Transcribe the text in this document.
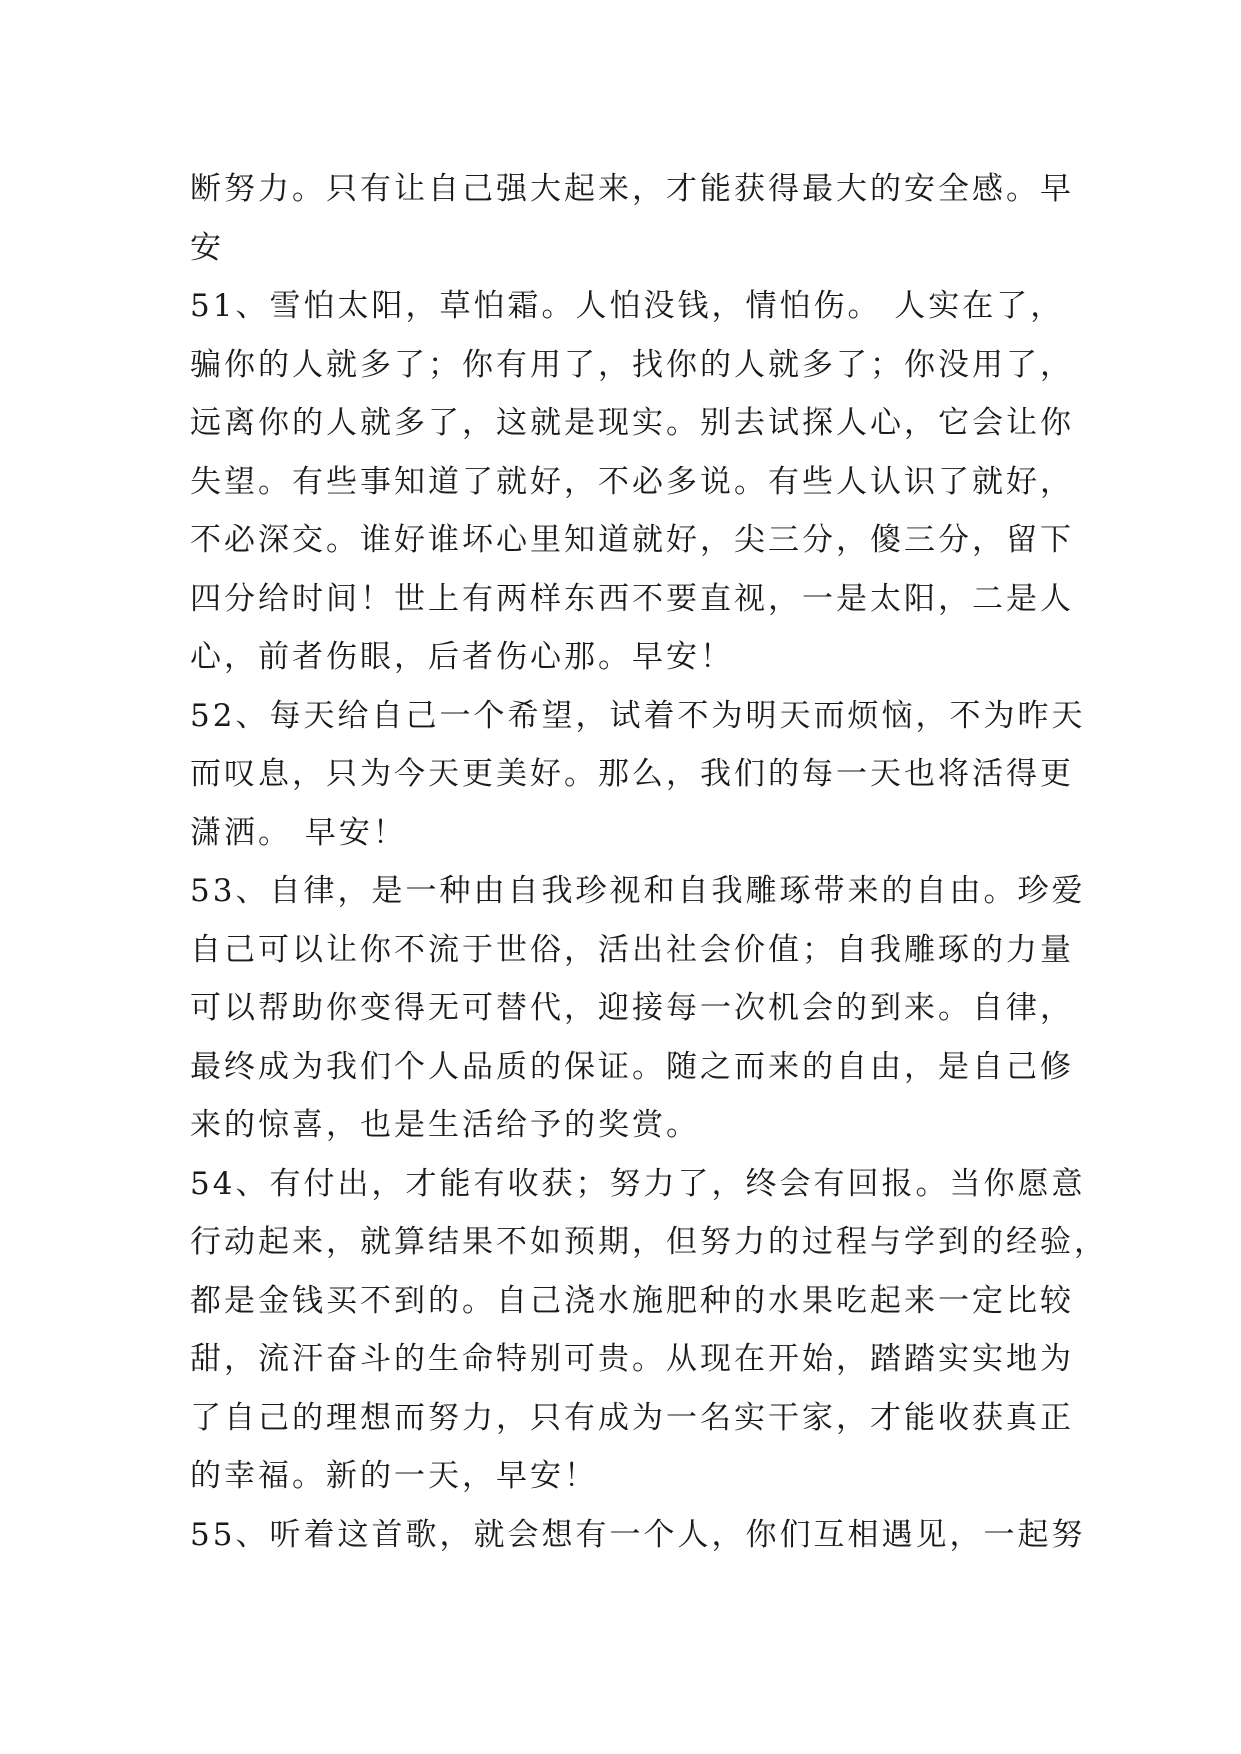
断努力。只有让自己强大起来，才能获得最大的安全感。早
安
51、雪怕太阳，草怕霜。人怕没钱，情怕伤。 人实在了，
骗你的人就多了；你有用了，找你的人就多了；你没用了，
远离你的人就多了，这就是现实。别去试探人心，它会让你
失望。有些事知道了就好，不必多说。有些人认识了就好，
不必深交。谁好谁坏心里知道就好，尖三分，傻三分，留下
四分给时间！世上有两样东西不要直视，一是太阳，二是人
心，前者伤眼，后者伤心那。早安！
52、每天给自己一个希望，试着不为明天而烦恼，不为昨天
而叹息，只为今天更美好。那么，我们的每一天也将活得更
潇洒。 早安！
53、自律，是一种由自我珍视和自我雕琢带来的自由。珍爱
自己可以让你不流于世俗，活出社会价值；自我雕琢的力量
可以帮助你变得无可替代，迎接每一次机会的到来。自律，
最终成为我们个人品质的保证。随之而来的自由，是自己修
来的惊喜，也是生活给予的奖赏。
54、有付出，才能有收获；努力了，终会有回报。当你愿意
行动起来，就算结果不如预期，但努力的过程与学到的经验，
都是金钱买不到的。自己浇水施肥种的水果吃起来一定比较
甜，流汗奋斗的生命特别可贵。从现在开始，踏踏实实地为
了自己的理想而努力，只有成为一名实干家，才能收获真正
的幸福。新的一天，早安！
55、听着这首歌，就会想有一个人，你们互相遇见，一起努
